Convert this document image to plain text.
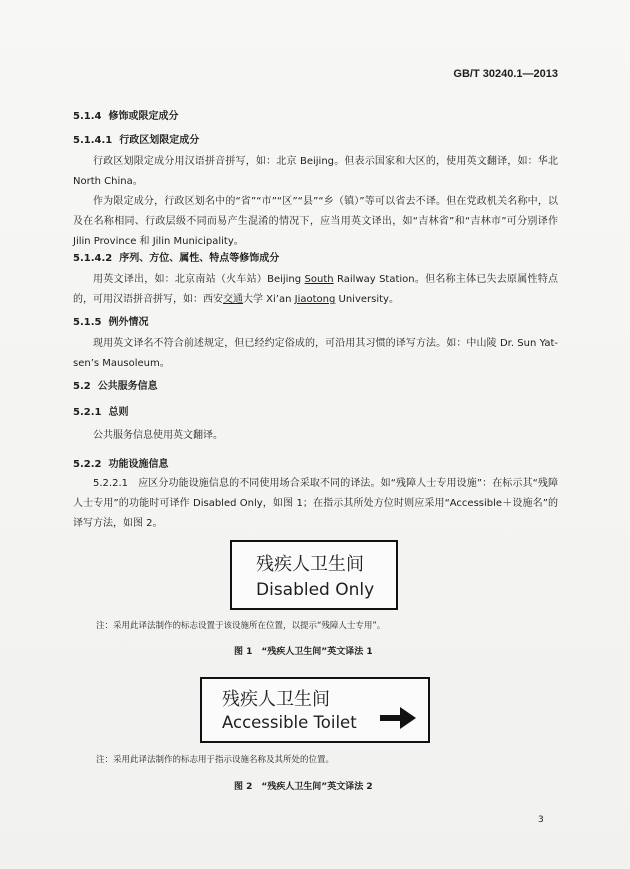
GB/T 30240.1—2013
5.1.4 修饰或限定成分
5.1.4.1 行政区划限定成分
行政区划限定成分用汉语拼音拼写，如：北京 Beijing。但表示国家和大区的，使用英文翻译，如：华北 North China。
作为限定成分，行政区划名中的“省”“市”“区”“县”“乡（镇）”等可以省去不译。但在党政机关名称中，以及在名称相同、行政层级不同而易产生混淆的情况下，应当用英文译出，如“吉林省”和“吉林市”可分别译作 Jilin Province 和 Jilin Municipality。
5.1.4.2 序列、方位、属性、特点等修饰成分
用英文译出，如：北京南站（火车站）Beijing South Railway Station。但名称主体已失去原属性特点的，可用汉语拼音拼写，如：西安交通大学 Xi’an Jiaotong University。
5.1.5 例外情况
现用英文译名不符合前述规定，但已经约定俗成的，可沿用其习惯的译写方法。如：中山陵 Dr. Sun Yat-sen’s Mausoleum。
5.2 公共服务信息
5.2.1 总则
公共服务信息使用英文翻译。
5.2.2 功能设施信息
5.2.2.1　应区分功能设施信息的不同使用场合采取不同的译法。如“残障人士专用设施”：在标示其“残障人士专用”的功能时可译作 Disabled Only，如图 1；在指示其所处方位时则应采用“Accessible＋设施名”的译写方法，如图 2。
残疾人卫生间
Disabled Only
注：采用此译法制作的标志设置于该设施所在位置，以提示“残障人士专用”。
图 1　“残疾人卫生间”英文译法 1
残疾人卫生间
Accessible Toilet
注：采用此译法制作的标志用于指示设施名称及其所处的位置。
图 2　“残疾人卫生间”英文译法 2
3
